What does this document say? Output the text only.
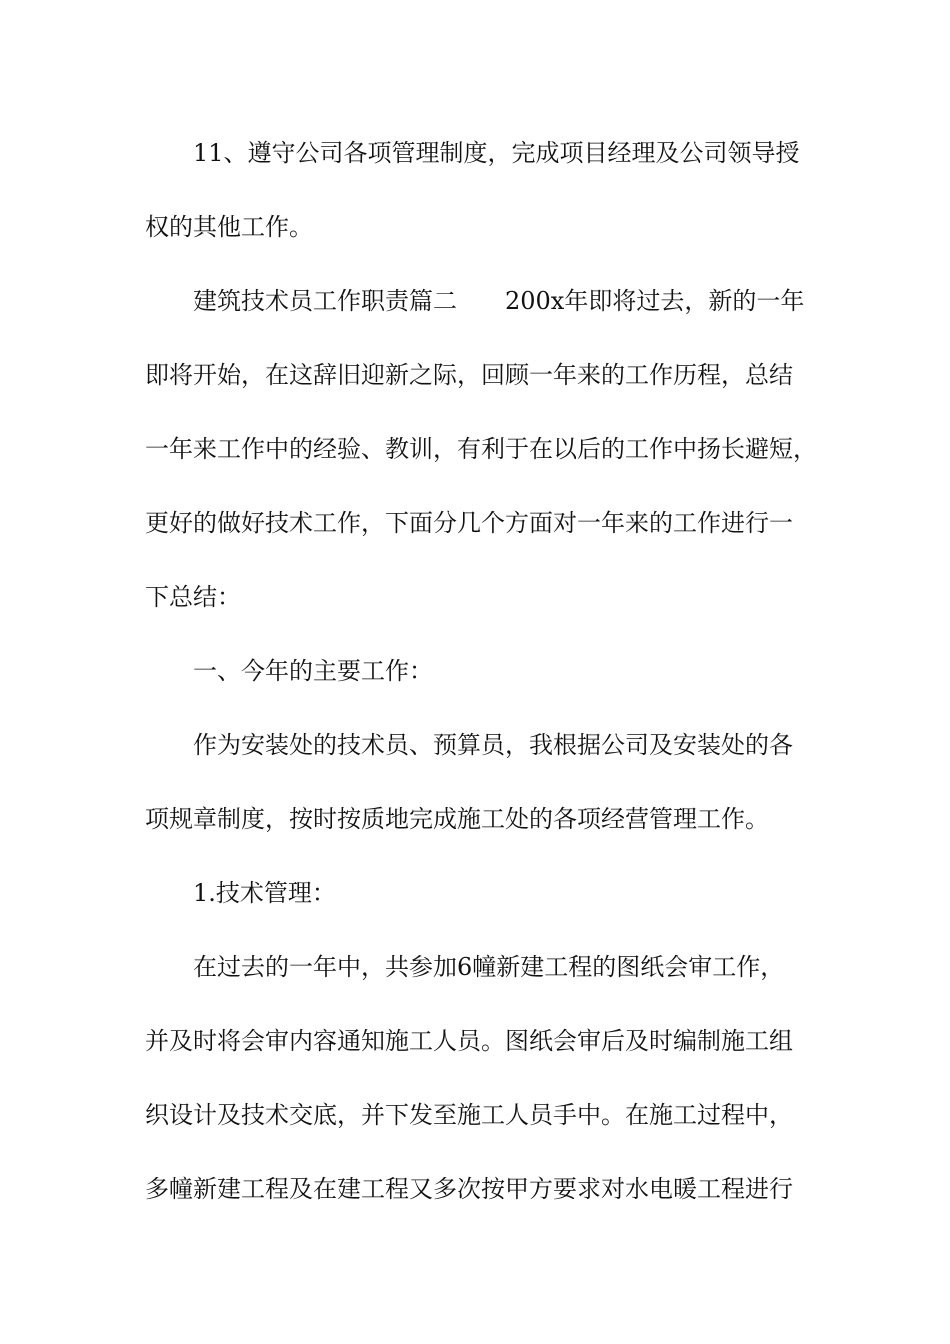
11、遵守公司各项管理制度，完成项目经理及公司领导授
权的其他工作。
建筑技术员工作职责篇二　　200x年即将过去，新的一年
即将开始，在这辞旧迎新之际，回顾一年来的工作历程，总结
一年来工作中的经验、教训，有利于在以后的工作中扬长避短，
更好的做好技术工作，下面分几个方面对一年来的工作进行一
下总结：
一、今年的主要工作：
作为安装处的技术员、预算员，我根据公司及安装处的各
项规章制度，按时按质地完成施工处的各项经营管理工作。
1.技术管理：
在过去的一年中，共参加6幢新建工程的图纸会审工作，
并及时将会审内容通知施工人员。图纸会审后及时编制施工组
织设计及技术交底，并下发至施工人员手中。在施工过程中，
多幢新建工程及在建工程又多次按甲方要求对水电暖工程进行
